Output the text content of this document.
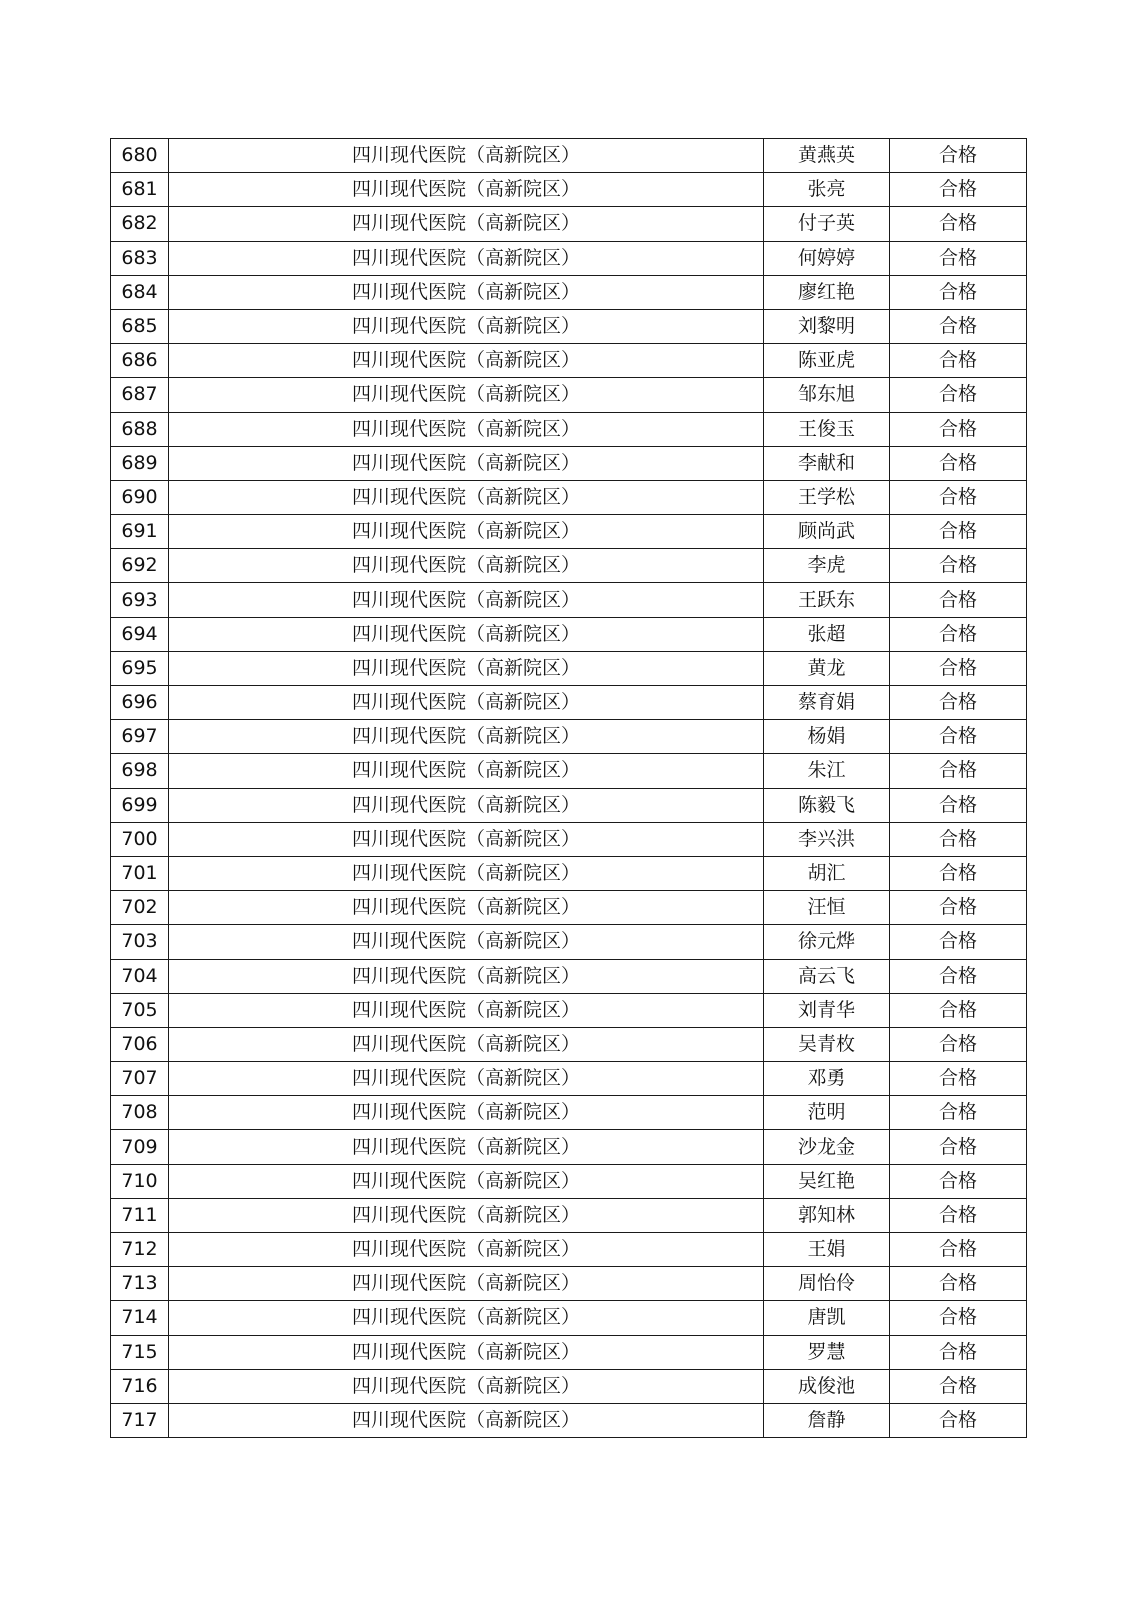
680	四川现代医院（高新院区）	黄燕英	合格
681	四川现代医院（高新院区）	张亮	合格
682	四川现代医院（高新院区）	付子英	合格
683	四川现代医院（高新院区）	何婷婷	合格
684	四川现代医院（高新院区）	廖红艳	合格
685	四川现代医院（高新院区）	刘黎明	合格
686	四川现代医院（高新院区）	陈亚虎	合格
687	四川现代医院（高新院区）	邹东旭	合格
688	四川现代医院（高新院区）	王俊玉	合格
689	四川现代医院（高新院区）	李献和	合格
690	四川现代医院（高新院区）	王学松	合格
691	四川现代医院（高新院区）	顾尚武	合格
692	四川现代医院（高新院区）	李虎	合格
693	四川现代医院（高新院区）	王跃东	合格
694	四川现代医院（高新院区）	张超	合格
695	四川现代医院（高新院区）	黄龙	合格
696	四川现代医院（高新院区）	蔡育娟	合格
697	四川现代医院（高新院区）	杨娟	合格
698	四川现代医院（高新院区）	朱江	合格
699	四川现代医院（高新院区）	陈毅飞	合格
700	四川现代医院（高新院区）	李兴洪	合格
701	四川现代医院（高新院区）	胡汇	合格
702	四川现代医院（高新院区）	汪恒	合格
703	四川现代医院（高新院区）	徐元烨	合格
704	四川现代医院（高新院区）	高云飞	合格
705	四川现代医院（高新院区）	刘青华	合格
706	四川现代医院（高新院区）	吴青枚	合格
707	四川现代医院（高新院区）	邓勇	合格
708	四川现代医院（高新院区）	范明	合格
709	四川现代医院（高新院区）	沙龙金	合格
710	四川现代医院（高新院区）	吴红艳	合格
711	四川现代医院（高新院区）	郭知林	合格
712	四川现代医院（高新院区）	王娟	合格
713	四川现代医院（高新院区）	周怡伶	合格
714	四川现代医院（高新院区）	唐凯	合格
715	四川现代医院（高新院区）	罗慧	合格
716	四川现代医院（高新院区）	成俊池	合格
717	四川现代医院（高新院区）	詹静	合格
